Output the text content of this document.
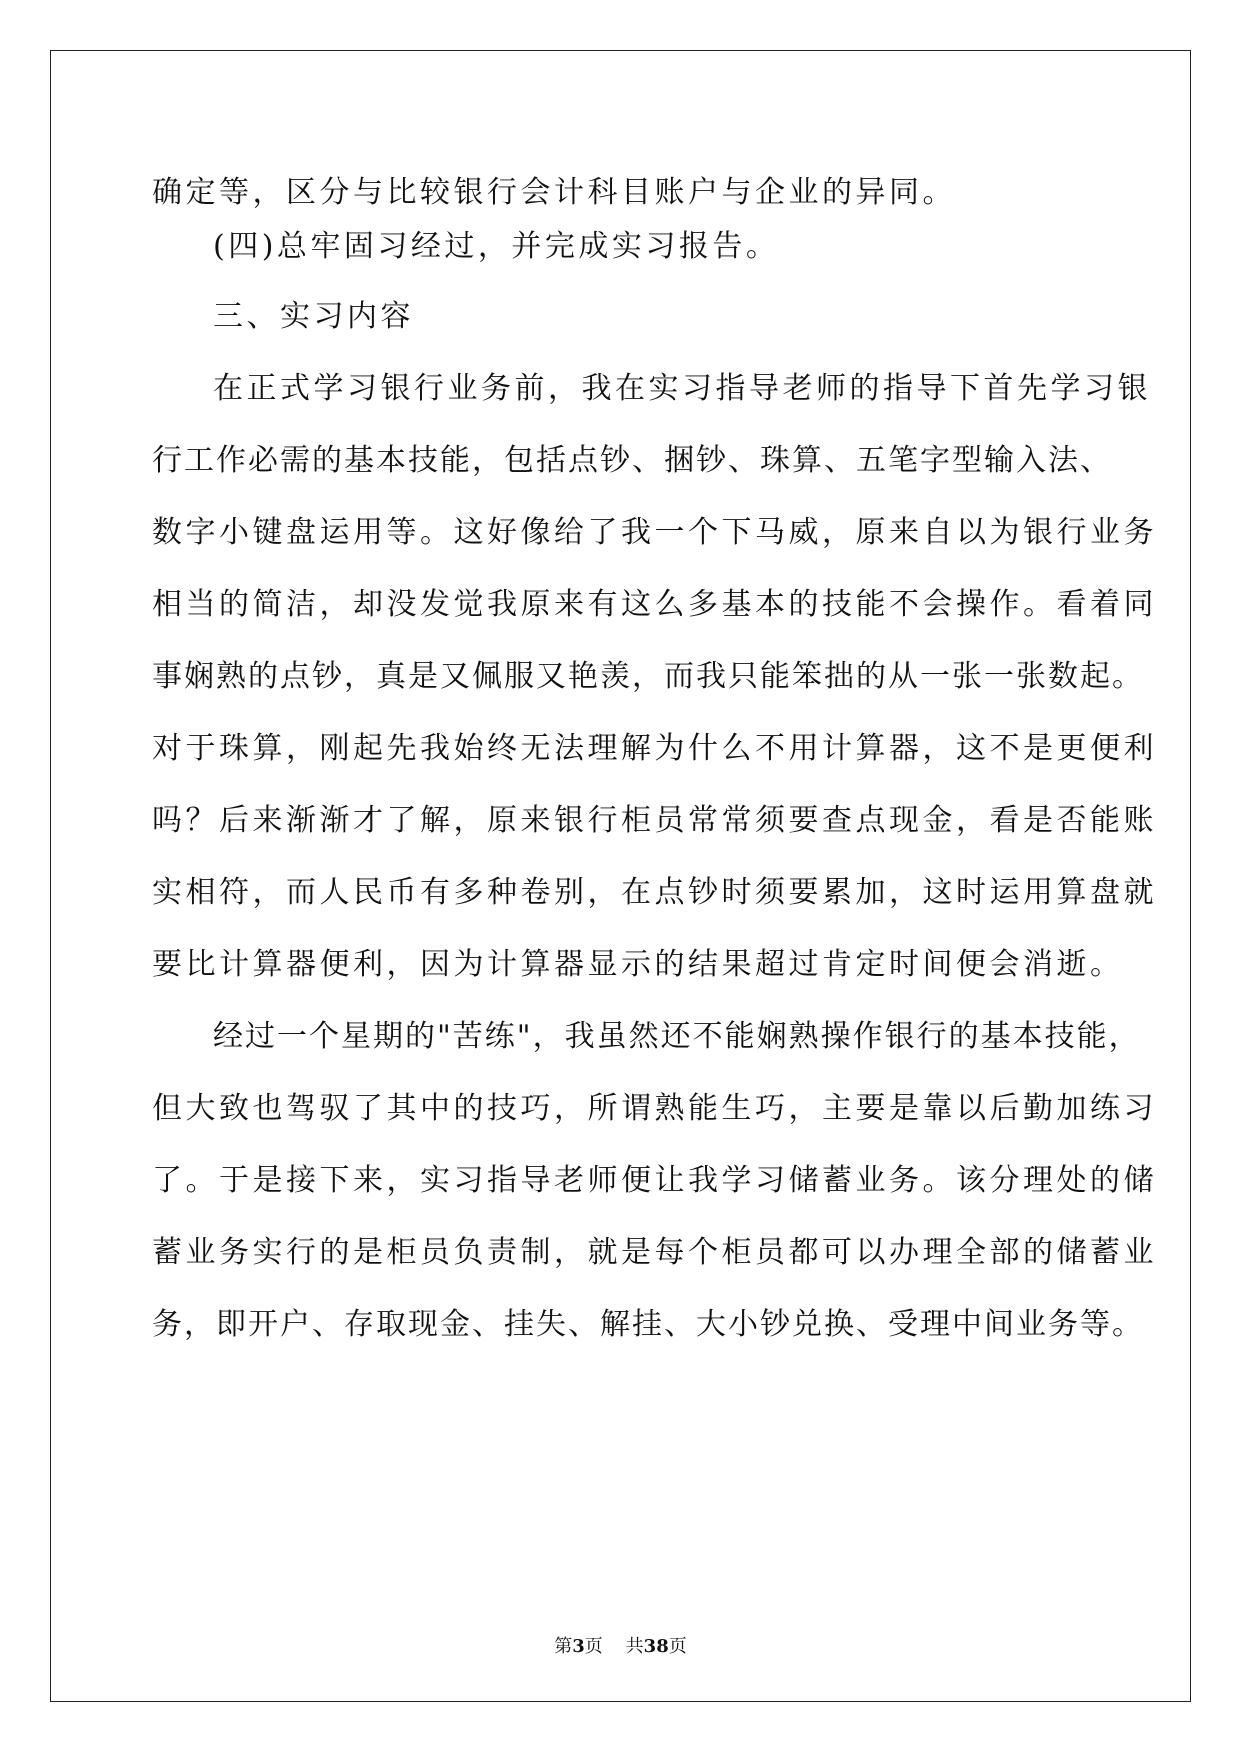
确定等，区分与比较银行会计科目账户与企业的异同。

(四)总牢固习经过，并完成实习报告。

三、实习内容

在正式学习银行业务前，我在实习指导老师的指导下首先学习银

行工作必需的基本技能，包括点钞、捆钞、珠算、五笔字型输入法、

数字小键盘运用等。这好像给了我一个下马威，原来自以为银行业务

相当的简洁，却没发觉我原来有这么多基本的技能不会操作。看着同

事娴熟的点钞，真是又佩服又艳羡，而我只能笨拙的从一张一张数起。

对于珠算，刚起先我始终无法理解为什么不用计算器，这不是更便利

吗？后来渐渐才了解，原来银行柜员常常须要查点现金，看是否能账

实相符，而人民币有多种卷别，在点钞时须要累加，这时运用算盘就

要比计算器便利，因为计算器显示的结果超过肯定时间便会消逝。

经过一个星期的"苦练"，我虽然还不能娴熟操作银行的基本技能，

但大致也驾驭了其中的技巧，所谓熟能生巧，主要是靠以后勤加练习

了。于是接下来，实习指导老师便让我学习储蓄业务。该分理处的储

蓄业务实行的是柜员负责制，就是每个柜员都可以办理全部的储蓄业

务，即开户、存取现金、挂失、解挂、大小钞兑换、受理中间业务等。

第3页 共38页
